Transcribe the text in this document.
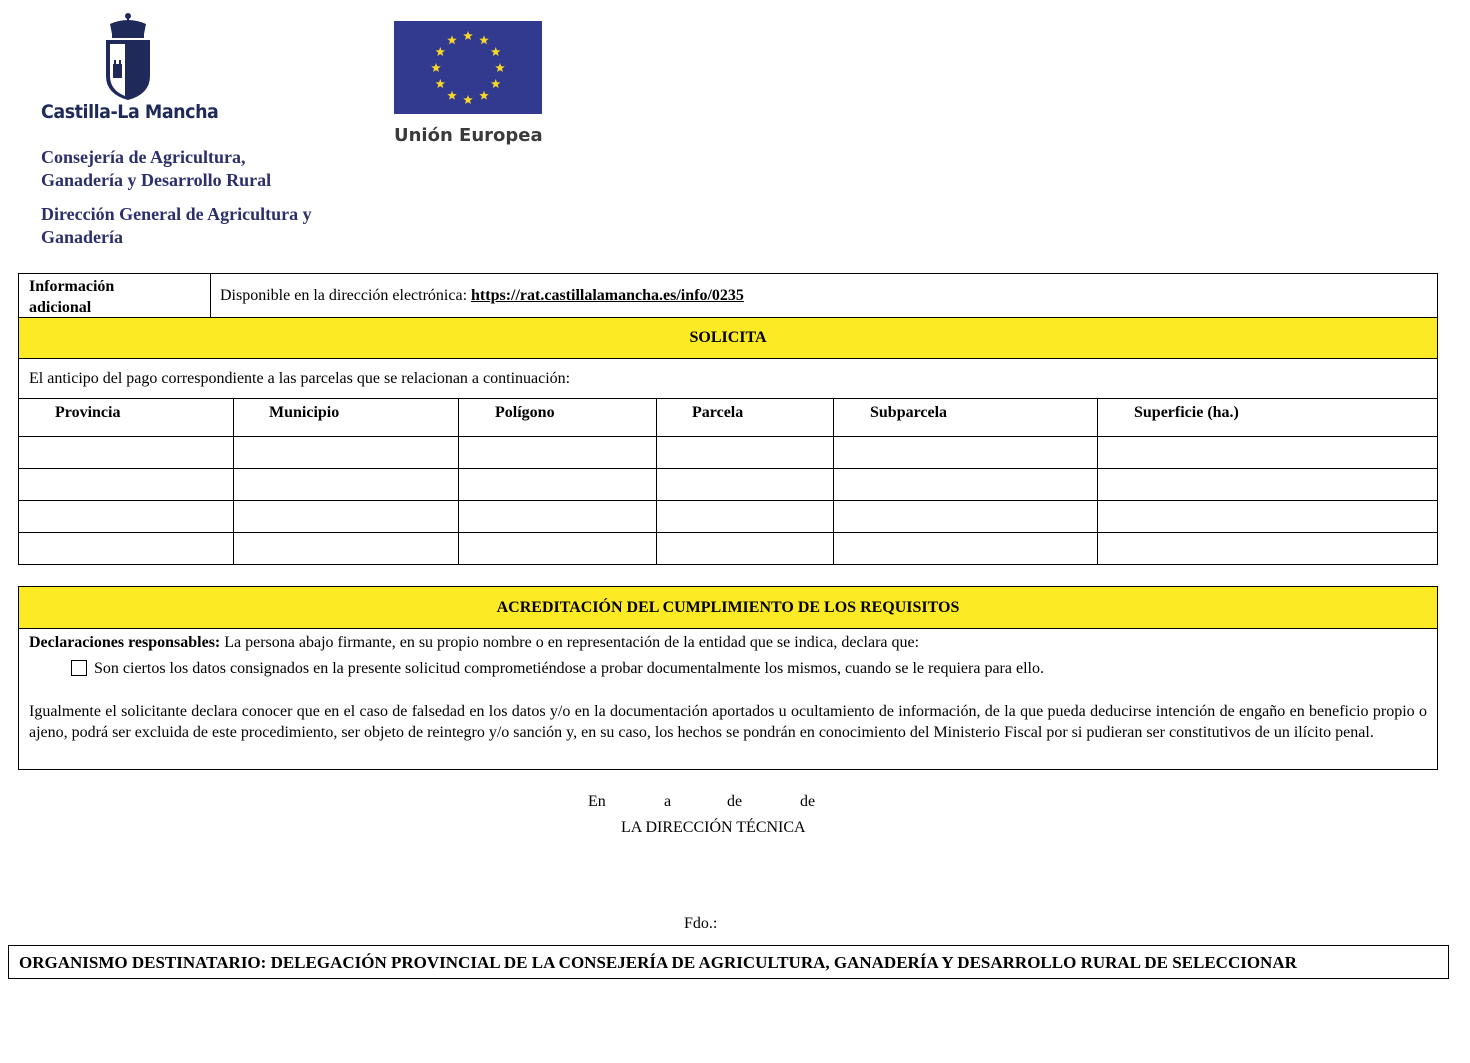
Castilla-La Mancha
Unión Europea
Consejería de Agricultura,
Ganadería y Desarrollo Rural
Dirección General de Agricultura y
Ganadería
Información
adicional
Disponible en la dirección electrónica: https://rat.castillalamancha.es/info/0235
SOLICITA
El anticipo del pago correspondiente a las parcelas que se relacionan a continuación:
Provincia	Municipio	Polígono	Parcela	Subparcela	Superficie (ha.)
ACREDITACIÓN DEL CUMPLIMIENTO DE LOS REQUISITOS
Declaraciones responsables: La persona abajo firmante, en su propio nombre o en representación de la entidad que se indica, declara que:
Son ciertos los datos consignados en la presente solicitud comprometiéndose a probar documentalmente los mismos, cuando se le requiera para ello.
Igualmente el solicitante declara conocer que en el caso de falsedad en los datos y/o en la documentación aportados u ocultamiento de información, de la que pueda deducirse intención de engaño en beneficio propio o ajeno, podrá ser excluida de este procedimiento, ser objeto de reintegro y/o sanción y, en su caso, los hechos se pondrán en conocimiento del Ministerio Fiscal por si pudieran ser constitutivos de un ilícito penal.
En	a	de	de
LA DIRECCIÓN TÉCNICA
Fdo.:
ORGANISMO DESTINATARIO: DELEGACIÓN PROVINCIAL DE LA CONSEJERÍA DE AGRICULTURA, GANADERÍA Y DESARROLLO RURAL DE SELECCIONAR
